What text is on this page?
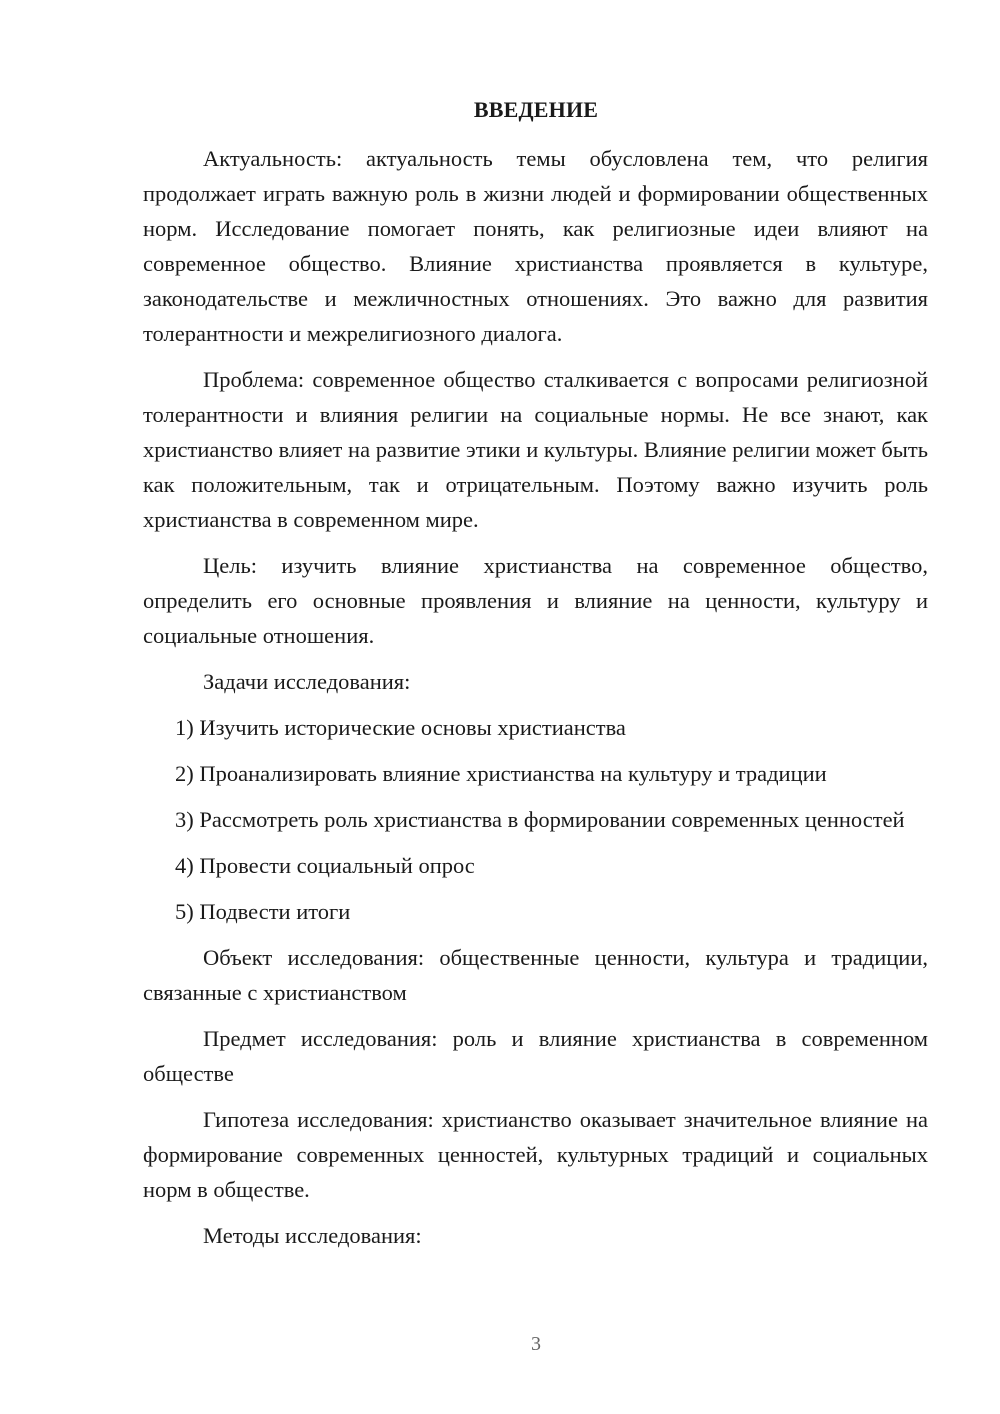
ВВЕДЕНИЕ

Актуальность: актуальность темы обусловлена тем, что религия продолжает играть важную роль в жизни людей и формировании общественных норм. Исследование помогает понять, как религиозные идеи влияют на современное общество. Влияние христианства проявляется в культуре, законодательстве и межличностных отношениях. Это важно для развития толерантности и межрелигиозного диалога.

Проблема: современное общество сталкивается с вопросами религиозной толерантности и влияния религии на социальные нормы. Не все знают, как христианство влияет на развитие этики и культуры. Влияние религии может быть как положительным, так и отрицательным. Поэтому важно изучить роль христианства в современном мире.

Цель: изучить влияние христианства на современное общество, определить его основные проявления и влияние на ценности, культуру и социальные отношения.

Задачи исследования:

1) Изучить исторические основы христианства

2) Проанализировать влияние христианства на культуру и традиции

3) Рассмотреть роль христианства в формировании современных ценностей

4) Провести социальный опрос

5) Подвести итоги

Объект исследования: общественные ценности, культура и традиции, связанные с христианством

Предмет исследования: роль и влияние христианства в современном обществе

Гипотеза исследования: христианство оказывает значительное влияние на формирование современных ценностей, культурных традиций и социальных норм в обществе.

Методы исследования:

3
